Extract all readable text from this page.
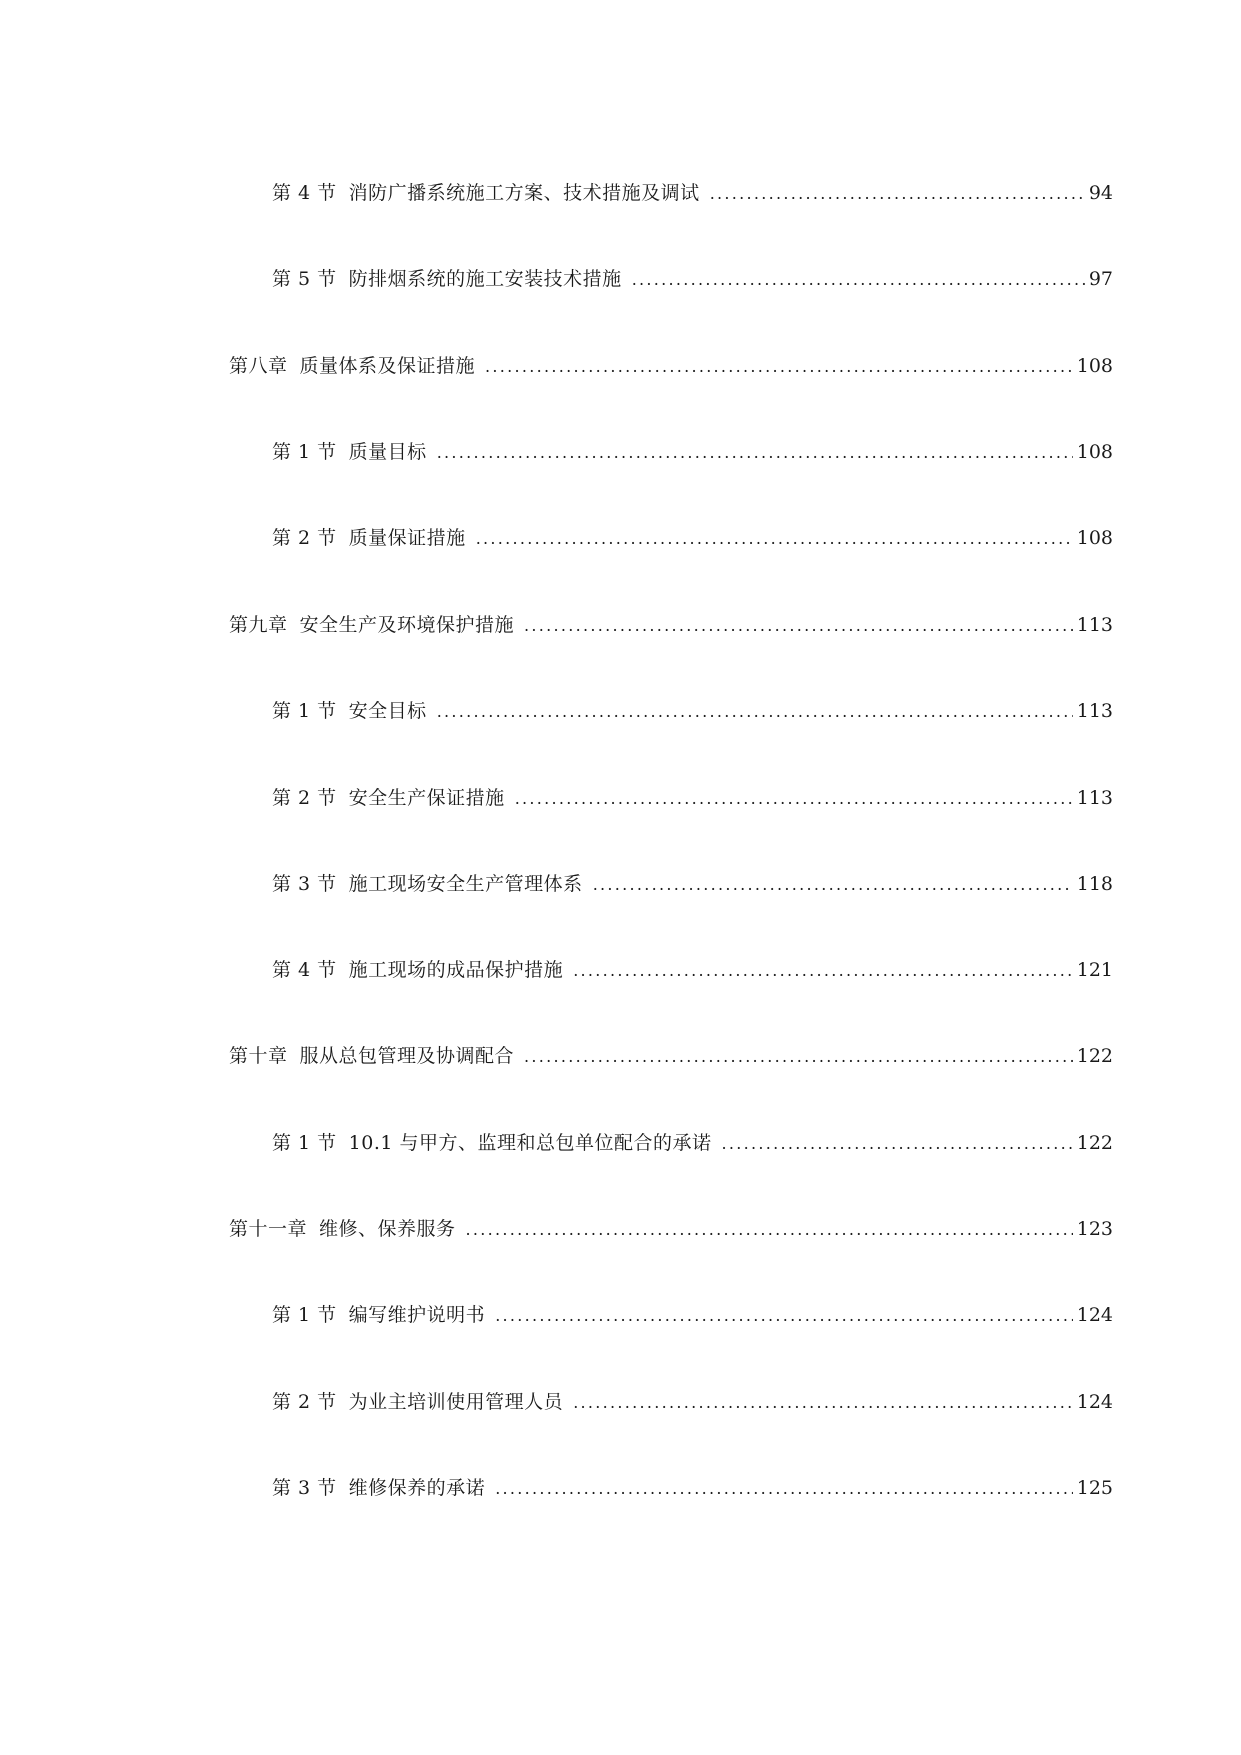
第 4 节 消防广播系统施工方案、技术措施及调试 . . .	94
第 5 节 防排烟系统的施工安装技术措施 . . .	97
第八章 质量体系及保证措施 . . .	108
第 1 节 质量目标 . . .	108
第 2 节 质量保证措施 . . .	108
第九章 安全生产及环境保护措施 . . .	113
第 1 节 安全目标 . . .	113
第 2 节 安全生产保证措施 . . .	113
第 3 节 施工现场安全生产管理体系 . . .	118
第 4 节 施工现场的成品保护措施 . . .	121
第十章 服从总包管理及协调配合 . . .	122
第 1 节 10.1 与甲方、监理和总包单位配合的承诺 . . .	122
第十一章 维修、保养服务 . . .	123
第 1 节 编写维护说明书 . . .	124
第 2 节 为业主培训使用管理人员 . . .	124
第 3 节 维修保养的承诺 . . .	125
